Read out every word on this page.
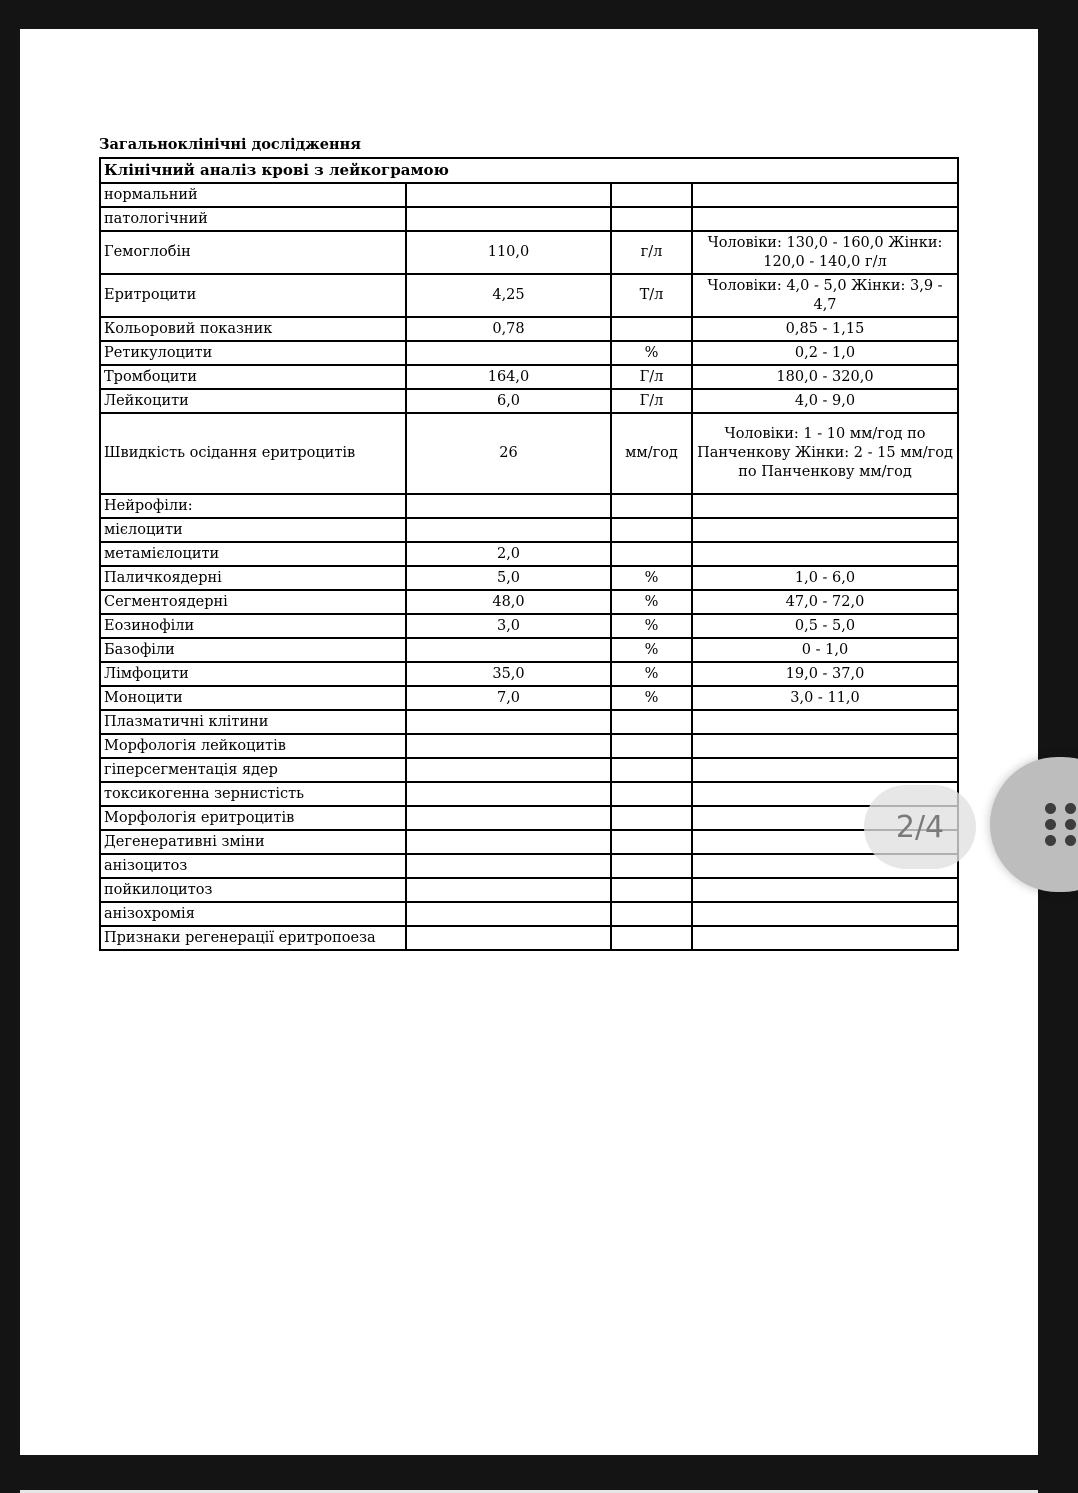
Загальноклінічні дослідження
Клінічний аналіз крові з лейкограмою			
нормальний			
патологічний			
Гемоглобін	110,0	г/л	Чоловіки: 130,0 - 160,0 Жінки: 120,0 - 140,0 г/л
Еритроцити	4,25	Т/л	Чоловіки: 4,0 - 5,0 Жінки: 3,9 - 4,7
Кольоровий показник	0,78		0,85 - 1,15
Ретикулоцити		%	0,2 - 1,0
Тромбоцити	164,0	Г/л	180,0 - 320,0
Лейкоцити	6,0	Г/л	4,0 - 9,0
Швидкість осідання еритроцитів	26	мм/год	Чоловіки: 1 - 10 мм/год по Панченкову Жінки: 2 - 15 мм/год по Панченкову мм/год
Нейрофіли:			
мієлоцити			
метамієлоцити	2,0		
Паличкоядерні	5,0	%	1,0 - 6,0
Сегментоядерні	48,0	%	47,0 - 72,0
Еозинофіли	3,0	%	0,5 - 5,0
Базофіли		%	0 - 1,0
Лімфоцити	35,0	%	19,0 - 37,0
Моноцити	7,0	%	3,0 - 11,0
Плазматичні клітини			
Морфологія лейкоцитів			
гіперсегментація ядер			
токсикогенна зернистість			
Морфологія еритроцитів			
Дегенеративні зміни			
анізоцитоз			
пойкилоцитоз			
анізохромія			
Признаки регенерації еритропоеза			
2/4
